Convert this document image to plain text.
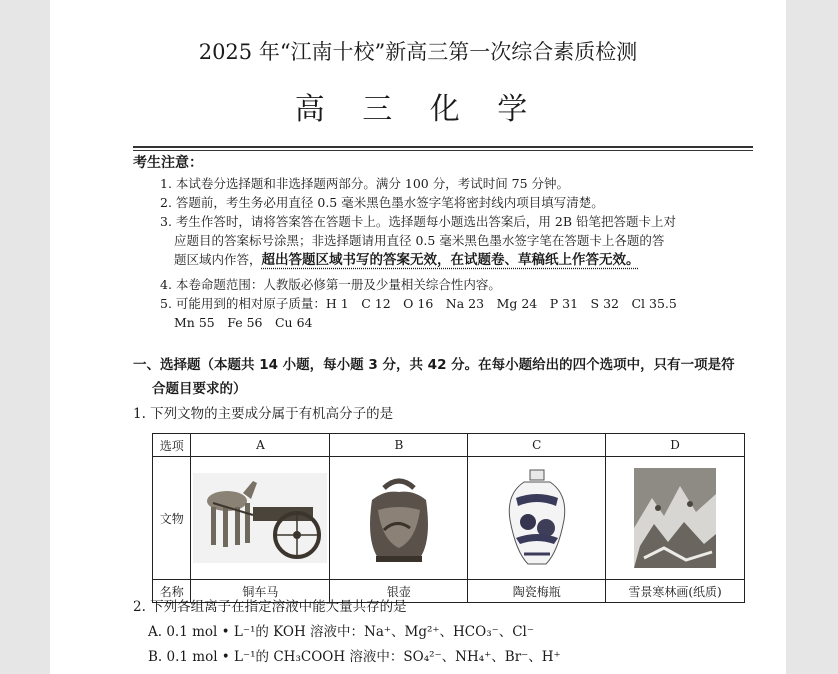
2025 年“江南十校”新高三第一次综合素质检测
高 三 化 学
考生注意：
1. 本试卷分选择题和非选择题两部分。满分 100 分，考试时间 75 分钟。
2. 答题前，考生务必用直径 0.5 毫米黑色墨水签字笔将密封线内项目填写清楚。
3. 考生作答时，请将答案答在答题卡上。选择题每小题选出答案后，用 2B 铅笔把答题卡上对
应题目的答案标号涂黑；非选择题请用直径 0.5 毫米黑色墨水签字笔在答题卡上各题的答
题区域内作答，超出答题区域书写的答案无效，在试题卷、草稿纸上作答无效。
4. 本卷命题范围：人教版必修第一册及少量相关综合性内容。
5. 可能用到的相对原子质量：H 1　C 12　O 16　Na 23　Mg 24　P 31　S 32　Cl 35.5
Mn 55　Fe 56　Cu 64
一、选择题（本题共 14 小题，每小题 3 分，共 42 分。在每小题给出的四个选项中，只有一项是符
合题目要求的）
1. 下列文物的主要成分属于有机高分子的是
选项	A	B	C	D
文物	

名称	铜车马	银壶	陶瓷梅瓶	雪景寒林画(纸质)
2. 下列各组离子在指定溶液中能大量共存的是
A. 0.1 mol • L⁻¹的 KOH 溶液中：Na⁺、Mg²⁺、HCO₃⁻、Cl⁻
B. 0.1 mol • L⁻¹的 CH₃COOH 溶液中：SO₄²⁻、NH₄⁺、Br⁻、H⁺
